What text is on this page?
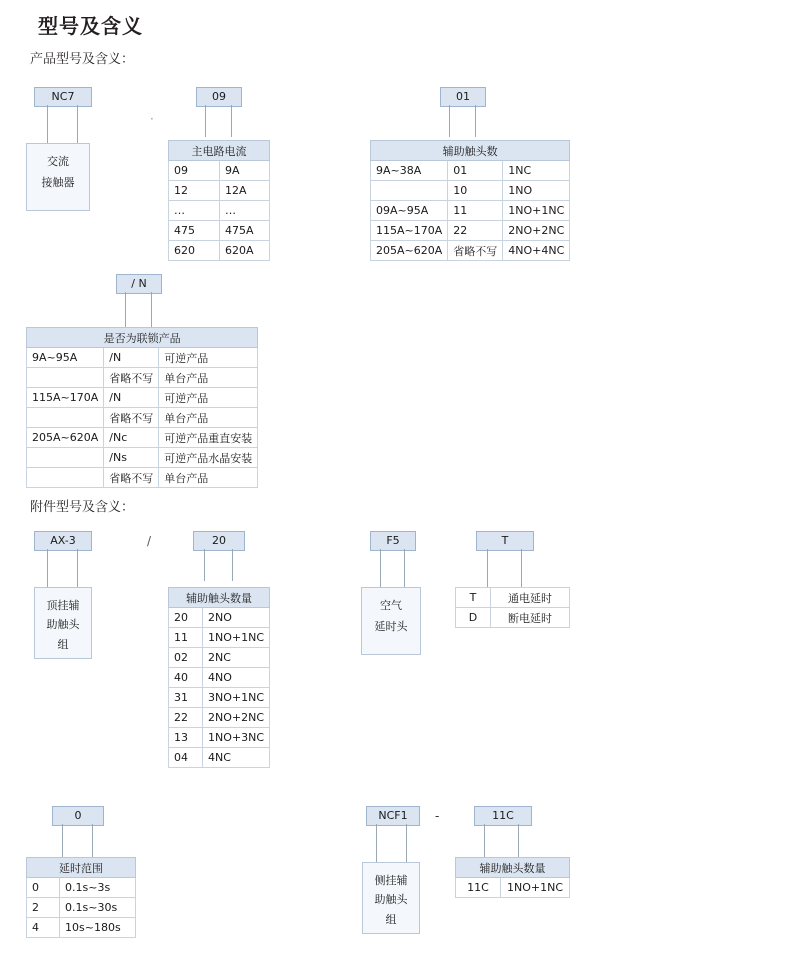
型号及含义
产品型号及含义：
NC7	09	01
·
交流
接触器
主电路电流	
09	9A
12	12A
…	…
475	475A
620	620A
辅助触头数		
9A~38A	01	1NC
	10	1NO
09A~95A	11	1NO+1NC
115A~170A	22	2NO+2NC
205A~620A	省略不写	4NO+4NC
/ N
是否为联锁产品		
9A~95A	/N	可逆产品
	省略不写	单台产品
115A~170A	/N	可逆产品
	省略不写	单台产品
205A~620A	/Nc	可逆产品重直安装
	/Ns	可逆产品水晶安装
	省略不写	单台产品
附件型号及含义：
AX-3	/	20	F5	T
顶挂辅
助触头
组
辅助触头数量	
20	2NO
11	1NO+1NC
02	2NC
40	4NO
31	3NO+1NC
22	2NO+2NC
13	1NO+3NC
04	4NC
空气
延时头
T	通电延时
D	断电延时
0	NCF1	-	11C
延时范围	
0	0.1s~3s
2	0.1s~30s
4	10s~180s
侧挂辅
助触头
组
辅助触头数量
11C	1NO+1NC
